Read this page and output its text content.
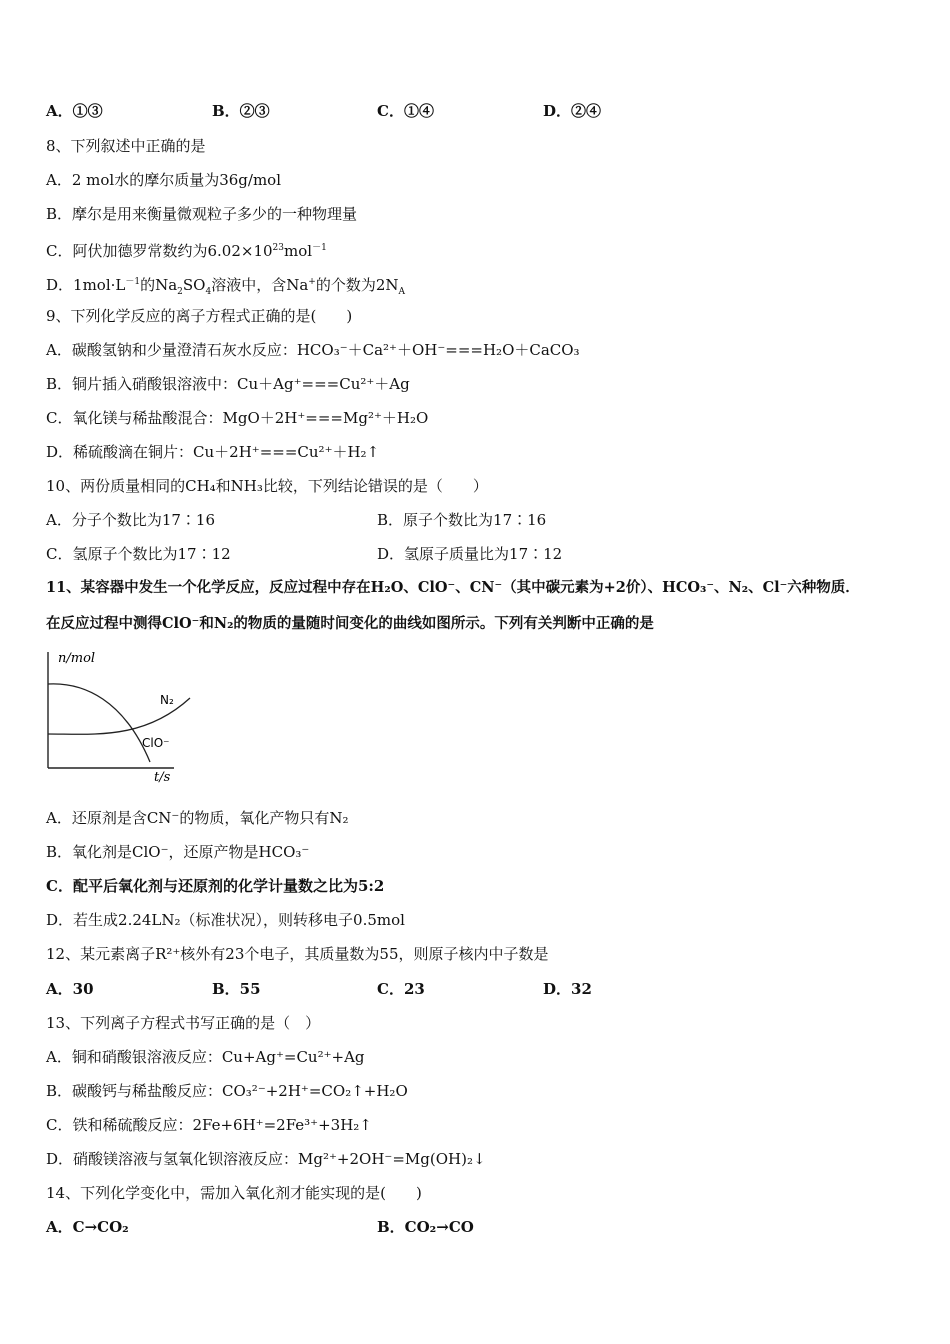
A．①③	B．②③	C．①④	D．②④
8、下列叙述中正确的是
A．2 mol水的摩尔质量为36g/mol
B．摩尔是用来衡量微观粒子多少的一种物理量
C．阿伏加德罗常数约为$6.02\times 10^{23}mol^{-1}$
D．$1mol\cdot L^{-1}$的$Na_2SO_4$溶液中，含Na+的个数为$2N_A$
9、下列化学反应的离子方程式正确的是(　　)
A．碳酸氢钠和少量澄清石灰水反应：HCO₃⁻＋Ca²⁺＋OH⁻===H₂O＋CaCO₃
B．铜片插入硝酸银溶液中：Cu＋Ag⁺===Cu²⁺＋Ag
C．氧化镁与稀盐酸混合：MgO＋2H⁺===Mg²⁺＋H₂O
D．稀硫酸滴在铜片：Cu＋2H⁺===Cu²⁺＋H₂↑
10、两份质量相同的CH₄和NH₃比较，下列结论错误的是（　　）
A．分子个数比为17∶16	B．原子个数比为17∶16
C．氢原子个数比为17∶12	D．氢原子质量比为17∶12
11、某容器中发生一个化学反应，反应过程中存在H₂O、ClO⁻、CN⁻（其中碳元素为+2价）、HCO₃⁻、N₂、Cl⁻六种物质．
在反应过程中测得ClO⁻和N₂的物质的量随时间变化的曲线如图所示。下列有关判断中正确的是
n/mol
N₂
ClO⁻
t/s
A．还原剂是含CN⁻的物质，氧化产物只有N₂
B．氧化剂是ClO⁻，还原产物是HCO₃⁻
C．配平后氧化剂与还原剂的化学计量数之比为5:2
D．若生成2.24LN₂（标准状况），则转移电子0.5mol
12、某元素离子R²⁺核外有23个电子，其质量数为55，则原子核内中子数是
A．30	B．55	C．23	D．32
13、下列离子方程式书写正确的是（　）
A．铜和硝酸银溶液反应：Cu+Ag⁺=Cu²⁺+Ag
B．碳酸钙与稀盐酸反应：CO₃²⁻+2H⁺=CO₂↑+H₂O
C．铁和稀硫酸反应：2Fe+6H⁺=2Fe³⁺+3H₂↑
D．硝酸镁溶液与氢氧化钡溶液反应：Mg²⁺+2OH⁻=Mg(OH)₂↓
14、下列化学变化中，需加入氧化剂才能实现的是(　　)
A．C→CO₂	B．CO₂→CO
